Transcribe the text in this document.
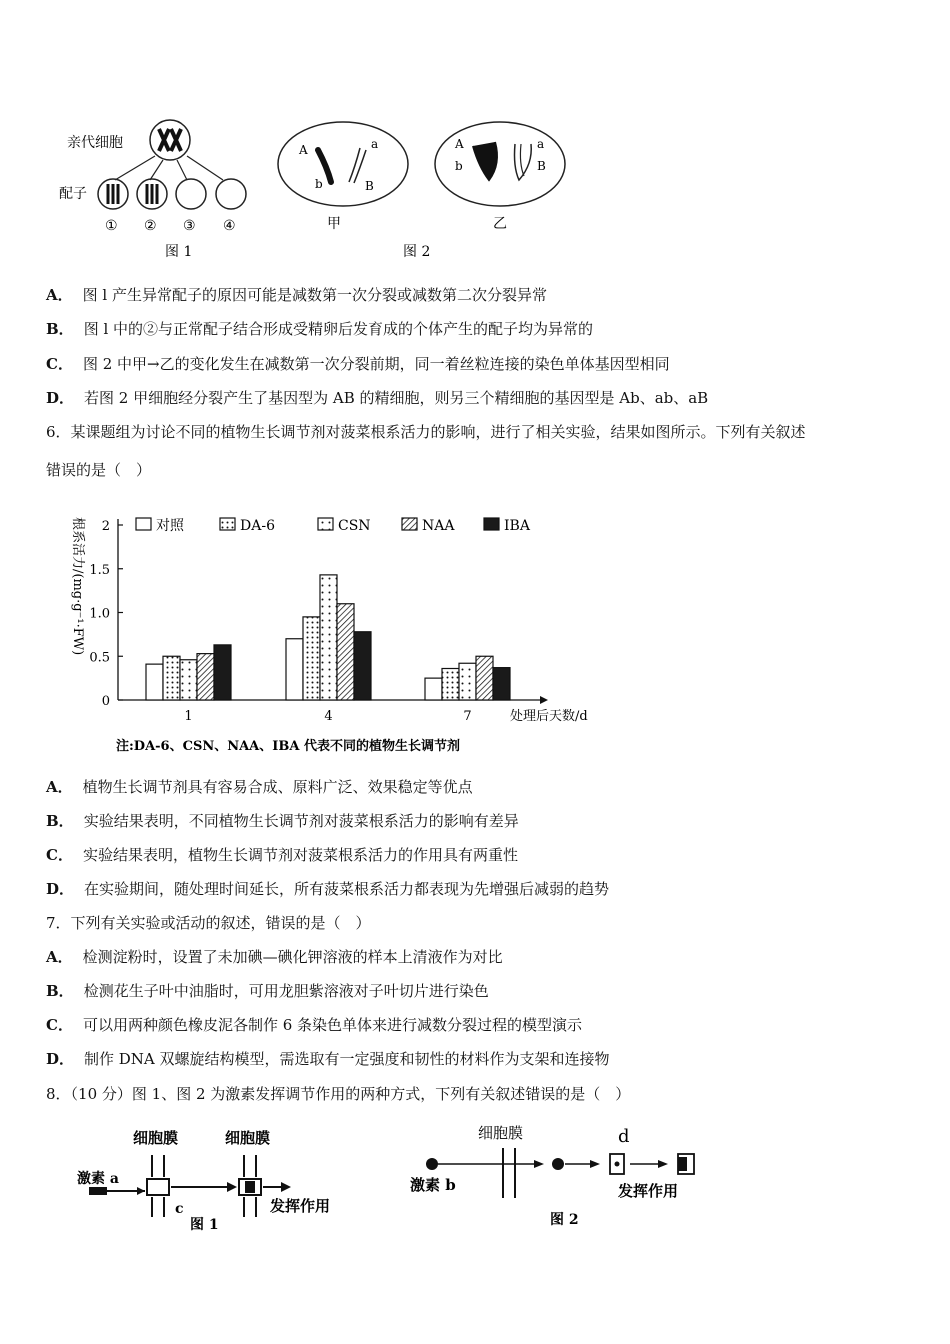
亲代细胞
配子
① ② ③ ④
图 1
A
b
a
B
甲
A
b
a
B
乙
图 2
A． 图 l 产生异常配子的原因可能是减数第一次分裂或减数第二次分裂异常
B． 图 l 中的②与正常配子结合形成受精卵后发育成的个体产生的配子均为异常的
C． 图 2 中甲→乙的变化发生在减数第一次分裂前期，同一着丝粒连接的染色单体基因型相同
D． 若图 2 甲细胞经分裂产生了基因型为 AB 的精细胞，则另三个精细胞的基因型是 Ab、ab、aB
6．某课题组为讨论不同的植物生长调节剂对菠菜根系活力的影响，进行了相关实验，结果如图所示。下列有关叙述
错误的是（　）
0
0.5
1.0
1.5
2
1	4	7
对照	DA-6	CSN	NAA	IBA
根系活力/(mg·g⁻¹·FW)
处理后天数/d
注:DA-6、CSN、NAA、IBA 代表不同的植物生长调节剂
A． 植物生长调节剂具有容易合成、原料广泛、效果稳定等优点
B． 实验结果表明，不同植物生长调节剂对菠菜根系活力的影响有差异
C． 实验结果表明，植物生长调节剂对菠菜根系活力的作用具有两重性
D． 在实验期间，随处理时间延长，所有菠菜根系活力都表现为先增强后减弱的趋势
7．下列有关实验或活动的叙述，错误的是（　）
A． 检测淀粉时，设置了未加碘—碘化钾溶液的样本上清液作为对比
B． 检测花生子叶中油脂时，可用龙胆紫溶液对子叶切片进行染色
C． 可以用两种颜色橡皮泥各制作 6 条染色单体来进行减数分裂过程的模型演示
D． 制作 DNA 双螺旋结构模型，需选取有一定强度和韧性的材料作为支架和连接物
8．（10 分）图 1、图 2 为激素发挥调节作用的两种方式，下列有关叙述错误的是（　）
细胞膜	细胞膜
激素 a
c	发挥作用
图 1
细胞膜	d
激素 b	发挥作用
图 2
